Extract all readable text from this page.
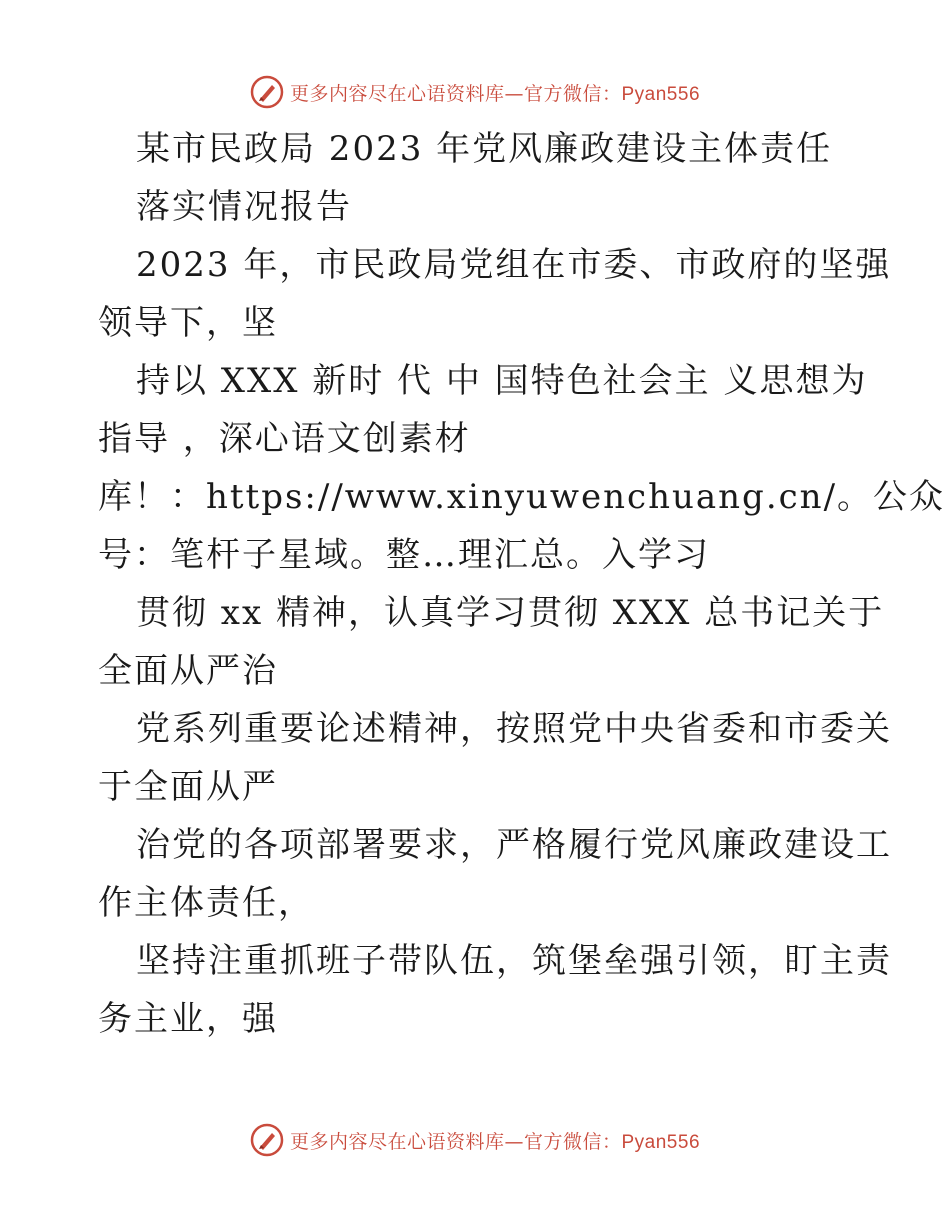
更多内容尽在心语资料库—官方微信：Pyan556
某市民政局 2023 年党风廉政建设主体责任
落实情况报告
2023 年，市民政局党组在市委、市政府的坚强
领导下，坚
持以 XXX 新时 代 中 国特色社会主 义思想为
指导 ，深心语文创素材
库！：https://www.xinyuwenchuang.cn/。公众
号：笔杆子星域。整…理汇总。入学习
贯彻 xx 精神，认真学习贯彻 XXX 总书记关于
全面从严治
党系列重要论述精神，按照党中央省委和市委关
于全面从严
治党的各项部署要求，严格履行党风廉政建设工
作主体责任，
坚持注重抓班子带队伍，筑堡垒强引领，盯主责
务主业，强
更多内容尽在心语资料库—官方微信：Pyan556
